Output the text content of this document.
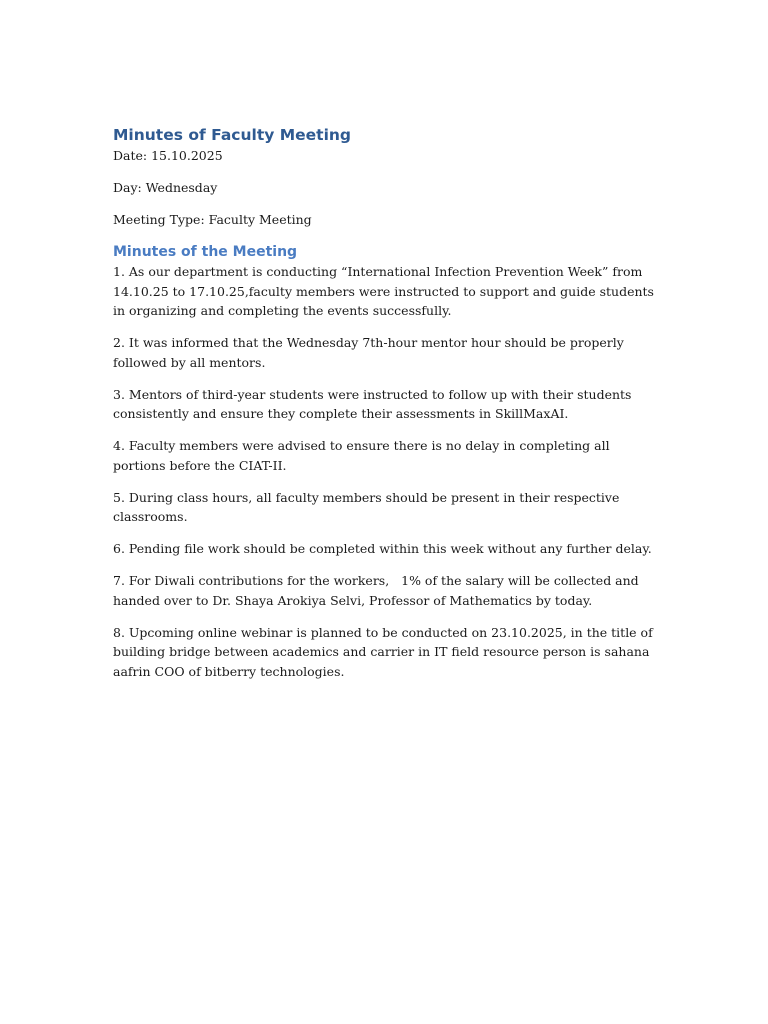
Minutes of Faculty Meeting

Date: 15.10.2025

Day: Wednesday

Meeting Type: Faculty Meeting

Minutes of the Meeting

1. As our department is conducting “International Infection Prevention Week” from 14.10.25 to 17.10.25,faculty members were instructed to support and guide students in organizing and completing the events successfully.

2. It was informed that the Wednesday 7th-hour mentor hour should be properly followed by all mentors.

3. Mentors of third-year students were instructed to follow up with their students consistently and ensure they complete their assessments in SkillMaxAI.

4. Faculty members were advised to ensure there is no delay in completing all portions before the CIAT-II.

5. During class hours, all faculty members should be present in their respective classrooms.

6. Pending file work should be completed within this week without any further delay.

7. For Diwali contributions for the workers,   1% of the salary will be collected and handed over to Dr. Shaya Arokiya Selvi, Professor of Mathematics by today.

8. Upcoming online webinar is planned to be conducted on 23.10.2025, in the title of building bridge between academics and carrier in IT field resource person is sahana aafrin COO of bitberry technologies.
